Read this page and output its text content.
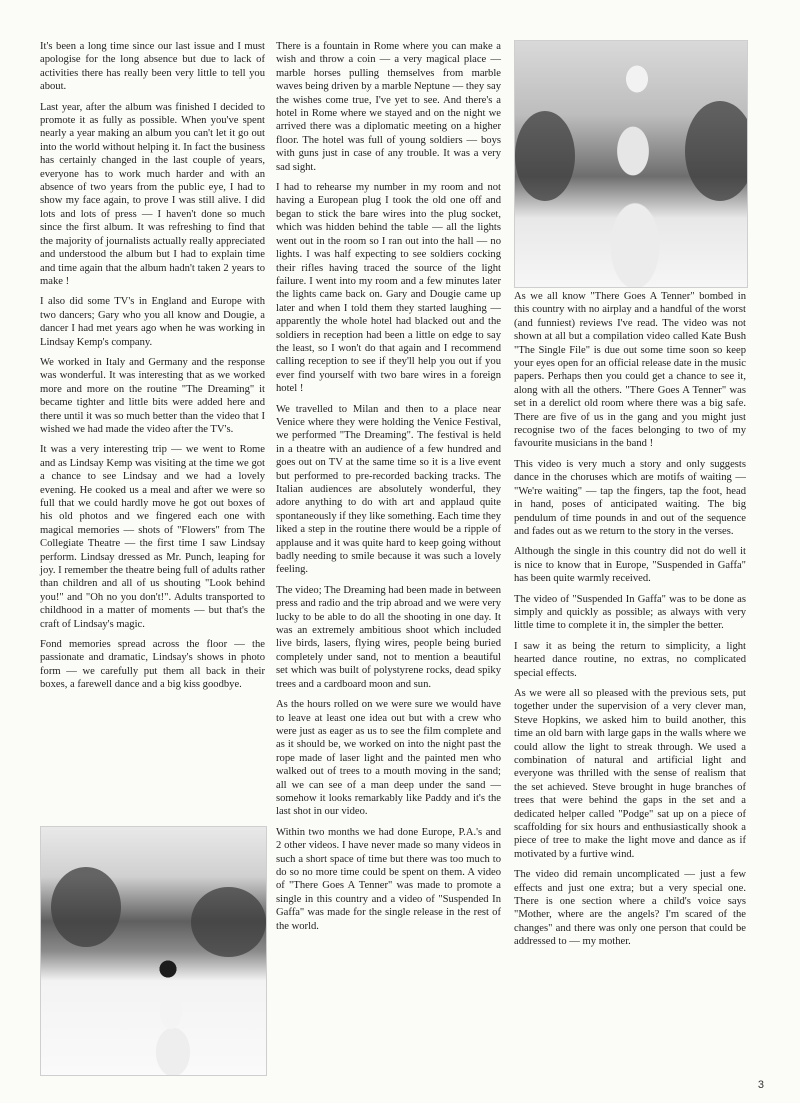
It's been a long time since our last issue and I must apologise for the long absence but due to lack of activities there has really been very little to tell you about.

Last year, after the album was finished I decided to promote it as fully as possible. When you've spent nearly a year making an album you can't let it go out into the world without helping it. In fact the business has certainly changed in the last couple of years, everyone has to work much harder and with an absence of two years from the public eye, I had to show my face again, to prove I was still alive. I did lots and lots of press — I haven't done so much since the first album. It was refreshing to find that the majority of journalists actually really appreciated and understood the album but I had to explain time and time again that the album hadn't taken 2 years to make !

I also did some TV's in England and Europe with two dancers; Gary who you all know and Dougie, a dancer I had met years ago when he was working in Lindsay Kemp's company.

We worked in Italy and Germany and the response was wonderful. It was interesting that as we worked more and more on the routine "The Dreaming" it became tighter and little bits were added here and there until it was so much better than the video that I wished we had made the video after the TV's.

It was a very interesting trip — we went to Rome and as Lindsay Kemp was visiting at the time we got a chance to see Lindsay and we had a lovely evening. He cooked us a meal and after we were so full that we could hardly move he got out boxes of his old photos and we fingered each one with magical memories — shots of "Flowers" from The Collegiate Theatre — the first time I saw Lindsay perform. Lindsay dressed as Mr. Punch, leaping for joy. I remember the theatre being full of adults rather than children and all of us shouting "Look behind you!" and "Oh no you don't!". Adults transported to childhood in a matter of moments — but that's the craft of Lindsay's magic.

Fond memories spread across the floor — the passionate and dramatic, Lindsay's shows in photo form — we carefully put them all back in their boxes, a farewell dance and a big kiss goodbye.

There is a fountain in Rome where you can make a wish and throw a coin — a very magical place — marble horses pulling themselves from marble waves being driven by a marble Neptune — they say the wishes come true, I've yet to see. And there's a hotel in Rome where we stayed and on the night we arrived there was a diplomatic meeting on a higher floor. The hotel was full of young soldiers — boys with guns just in case of any trouble. It was a very sad sight.

I had to rehearse my number in my room and not having a European plug I took the old one off and began to stick the bare wires into the plug socket, which was hidden behind the table — all the lights went out in the room so I ran out into the hall — no lights. I was half expecting to see soldiers cocking their rifles having traced the source of the light failure. I went into my room and a few minutes later the lights came back on. Gary and Dougie came up later and when I told them they started laughing — apparently the whole hotel had blacked out and the soldiers in reception had been a little on edge to say the least, so I won't do that again and I recommend calling reception to see if they'll help you out if you ever find yourself with two bare wires in a foreign hotel !

We travelled to Milan and then to a place near Venice where they were holding the Venice Festival, we performed "The Dreaming". The festival is held in a theatre with an audience of a few hundred and goes out on TV at the same time so it is a live event but performed to pre-recorded backing tracks. The Italian audiences are absolutely wonderful, they adore anything to do with art and applaud quite spontaneously if they like something. Each time they liked a step in the routine there would be a ripple of applause and it was quite hard to keep going without badly needing to smile because it was such a lovely feeling.

The video; The Dreaming had been made in between press and radio and the trip abroad and we were very lucky to be able to do all the shooting in one day. It was an extremely ambitious shoot which included live birds, lasers, flying wires, people being buried completely under sand, not to mention a beautiful set which was built of polystyrene rocks, dead spiky trees and a cardboard moon and sun.

As the hours rolled on we were sure we would have to leave at least one idea out but with a crew who were just as eager as us to see the film complete and as it should be, we worked on into the night past the rope made of laser light and the painted men who walked out of trees to a mouth moving in the sand; all we can see of a man deep under the sand — somehow it looks remarkably like Paddy and it's the last shot in our video.

Within two months we had done Europe, P.A.'s and 2 other videos. I have never made so many videos in such a short space of time but there was too much to do so no more time could be spent on them. A video of "There Goes A Tenner" was made to promote a single in this country and a video of "Suspended In Gaffa" was made for the single release in the rest of the world.

As we all know "There Goes A Tenner" bombed in this country with no airplay and a handful of the worst (and funniest) reviews I've read. The video was not shown at all but a compilation video called Kate Bush "The Single File" is due out some time soon so keep your eyes open for an official release date in the music papers. Perhaps then you could get a chance to see it, along with all the others. "There Goes A Tenner" was set in a derelict old room where there was a big safe. There are five of us in the gang and you might just recognise two of the faces belonging to two of my favourite musicians in the band !

This video is very much a story and only suggests dance in the choruses which are motifs of waiting — "We're waiting" — tap the fingers, tap the foot, head in hand, poses of anticipated waiting. The big pendulum of time pounds in and out of the sequence and fades out as we return to the story in the verses.

Although the single in this country did not do well it is nice to know that in Europe, "Suspended in Gaffa" has been quite warmly received.

The video of "Suspended In Gaffa" was to be done as simply and quickly as possible; as always with very little time to complete it in, the simpler the better.

I saw it as being the return to simplicity, a light hearted dance routine, no extras, no complicated special effects.

As we were all so pleased with the previous sets, put together under the supervision of a very clever man, Steve Hopkins, we asked him to build another, this time an old barn with large gaps in the walls where we could allow the light to streak through. We used a combination of natural and artificial light and everyone was thrilled with the sense of realism that the set achieved. Steve brought in huge branches of trees that were behind the gaps in the set and a dedicated helper called "Podge" sat up on a piece of scaffolding for six hours and enthusiastically shook a piece of tree to make the light move and dance as if motivated by a furtive wind.

The video did remain uncomplicated — just a few effects and just one extra; but a very special one. There is one section where a child's voice says "Mother, where are the angels? I'm scared of the changes" and there was only one person that could be addressed to — my mother.

3
